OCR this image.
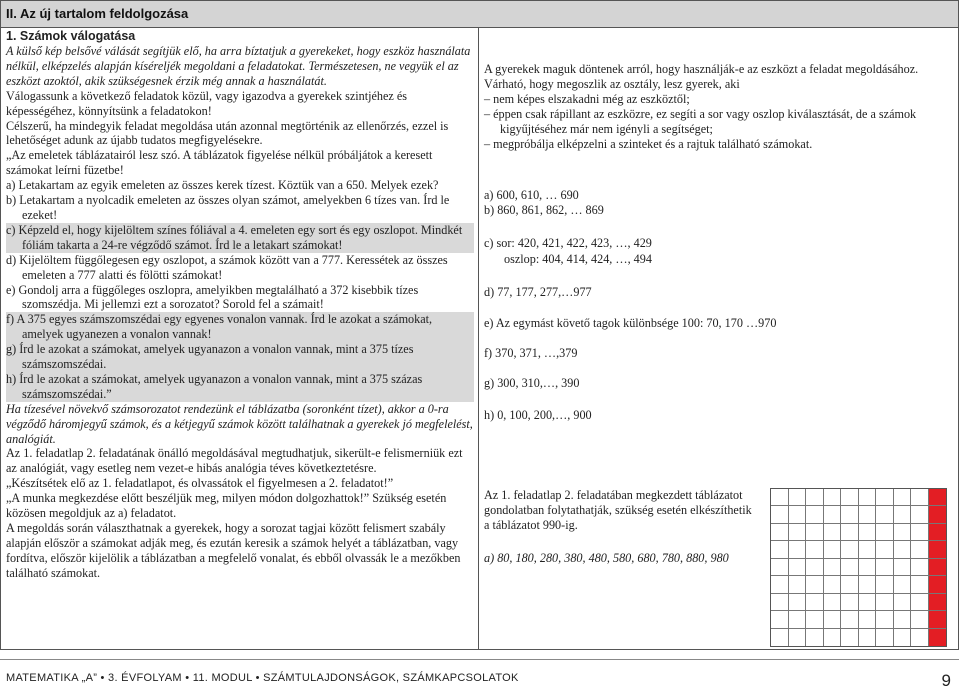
II. Az új tartalom feldolgozása

1. Számok válogatása

A külső kép belsővé válását segítjük elő, ha arra bíztatjuk a gyerekeket, hogy eszköz használata nélkül, elképzelés alapján kíséreljék megoldani a feladatokat. Természetesen, ne vegyük el az eszközt azoktól, akik szükségesnek érzik még annak a használatát.

Válogassunk a következő feladatok közül, vagy igazodva a gyerekek szintjéhez és képességéhez, könnyítsünk a feladatokon!

Célszerű, ha mindegyik feladat megoldása után azonnal megtörténik az ellenőrzés, ezzel is lehetőséget adunk az újabb tudatos megfigyelésekre.

„Az emeletek táblázatairól lesz szó. A táblázatok figyelése nélkül próbáljátok a keresett számokat leírni füzetbe!

a) Letakartam az egyik emeleten az összes kerek tízest. Köztük van a 650. Melyek ezek?

b) Letakartam a nyolcadik emeleten az összes olyan számot, amelyekben 6 tízes van. Írd le ezeket!

c) Képzeld el, hogy kijelöltem színes fóliával a 4. emeleten egy sort és egy oszlopot. Mindkét fóliám takarta a 24-re végződő számot. Írd le a letakart számokat!

d) Kijelöltem függőlegesen egy oszlopot, a számok között van a 777. Keressétek az összes emeleten a 777 alatti és fölötti számokat!

e) Gondolj arra a függőleges oszlopra, amelyikben megtalálható a 372 kisebbik tízes szomszédja. Mi jellemzi ezt a sorozatot? Sorold fel a számait!

f) A 375 egyes számszomszédai egy egyenes vonalon vannak. Írd le azokat a számokat, amelyek ugyanezen a vonalon vannak!

g) Írd le azokat a számokat, amelyek ugyanazon a vonalon vannak, mint a 375 tízes számszomszédai.

h) Írd le azokat a számokat, amelyek ugyanazon a vonalon vannak, mint a 375 százas számszomszédai.”

Ha tízesével növekvő számsorozatot rendezünk el táblázatba (soronként tízet), akkor a 0-ra végződő háromjegyű számok, és a kétjegyű számok között találhatnak a gyerekek jó megfelelést, analógiát.

Az 1. feladatlap 2. feladatának önálló megoldásával megtudhatjuk, sikerült-e felismerniük ezt az analógiát, vagy esetleg nem vezet-e hibás analógia téves következtetésre.

„Készítsétek elő az 1. feladatlapot, és olvassátok el figyelmesen a 2. feladatot!”

„A munka megkezdése előtt beszéljük meg, milyen módon dolgozhattok!” Szükség esetén közösen megoldjuk az a) feladatot.

A megoldás során választhatnak a gyerekek, hogy a sorozat tagjai között felismert szabály alapján először a számokat adják meg, és ezután keresik a számok helyét a táblázatban, vagy fordítva, először kijelölik a táblázatban a megfelelő vonalat, és ebből olvassák le a mezőkben található számokat.

A gyerekek maguk döntenek arról, hogy használják-e az eszközt a feladat megoldásához.

Várható, hogy megoszlik az osztály, lesz gyerek, aki

– nem képes elszakadni még az eszköztől;

– éppen csak rápillant az eszközre, ez segíti a sor vagy oszlop kiválasztását, de a számok kigyűjtéséhez már nem igényli a segítséget;

– megpróbálja elképzelni a szinteket és a rajtuk található számokat.

a) 600, 610, … 690
b) 860, 861, 862, … 869
c) sor: 420, 421, 422, 423, …, 429
oszlop: 404, 414, 424, …, 494
d) 77, 177, 277,…977
e) Az egymást követő tagok különbsége 100: 70, 170 …970
f) 370, 371, …,379
g) 300, 310,…, 390
h) 0, 100, 200,…, 900
Az 1. feladatlap 2. feladatában megkezdett táblázatot gondolatban folytathatják, szükség esetén elkészíthetik a táblázatot 990-ig.
a) 80, 180, 280, 380, 480, 580, 680, 780, 880, 980
MATEMATIKA „A” • 3. ÉVFOLYAM • 11. MODUL • SZÁMTULAJDONSÁGOK, SZÁMKAPCSOLATOK	9
